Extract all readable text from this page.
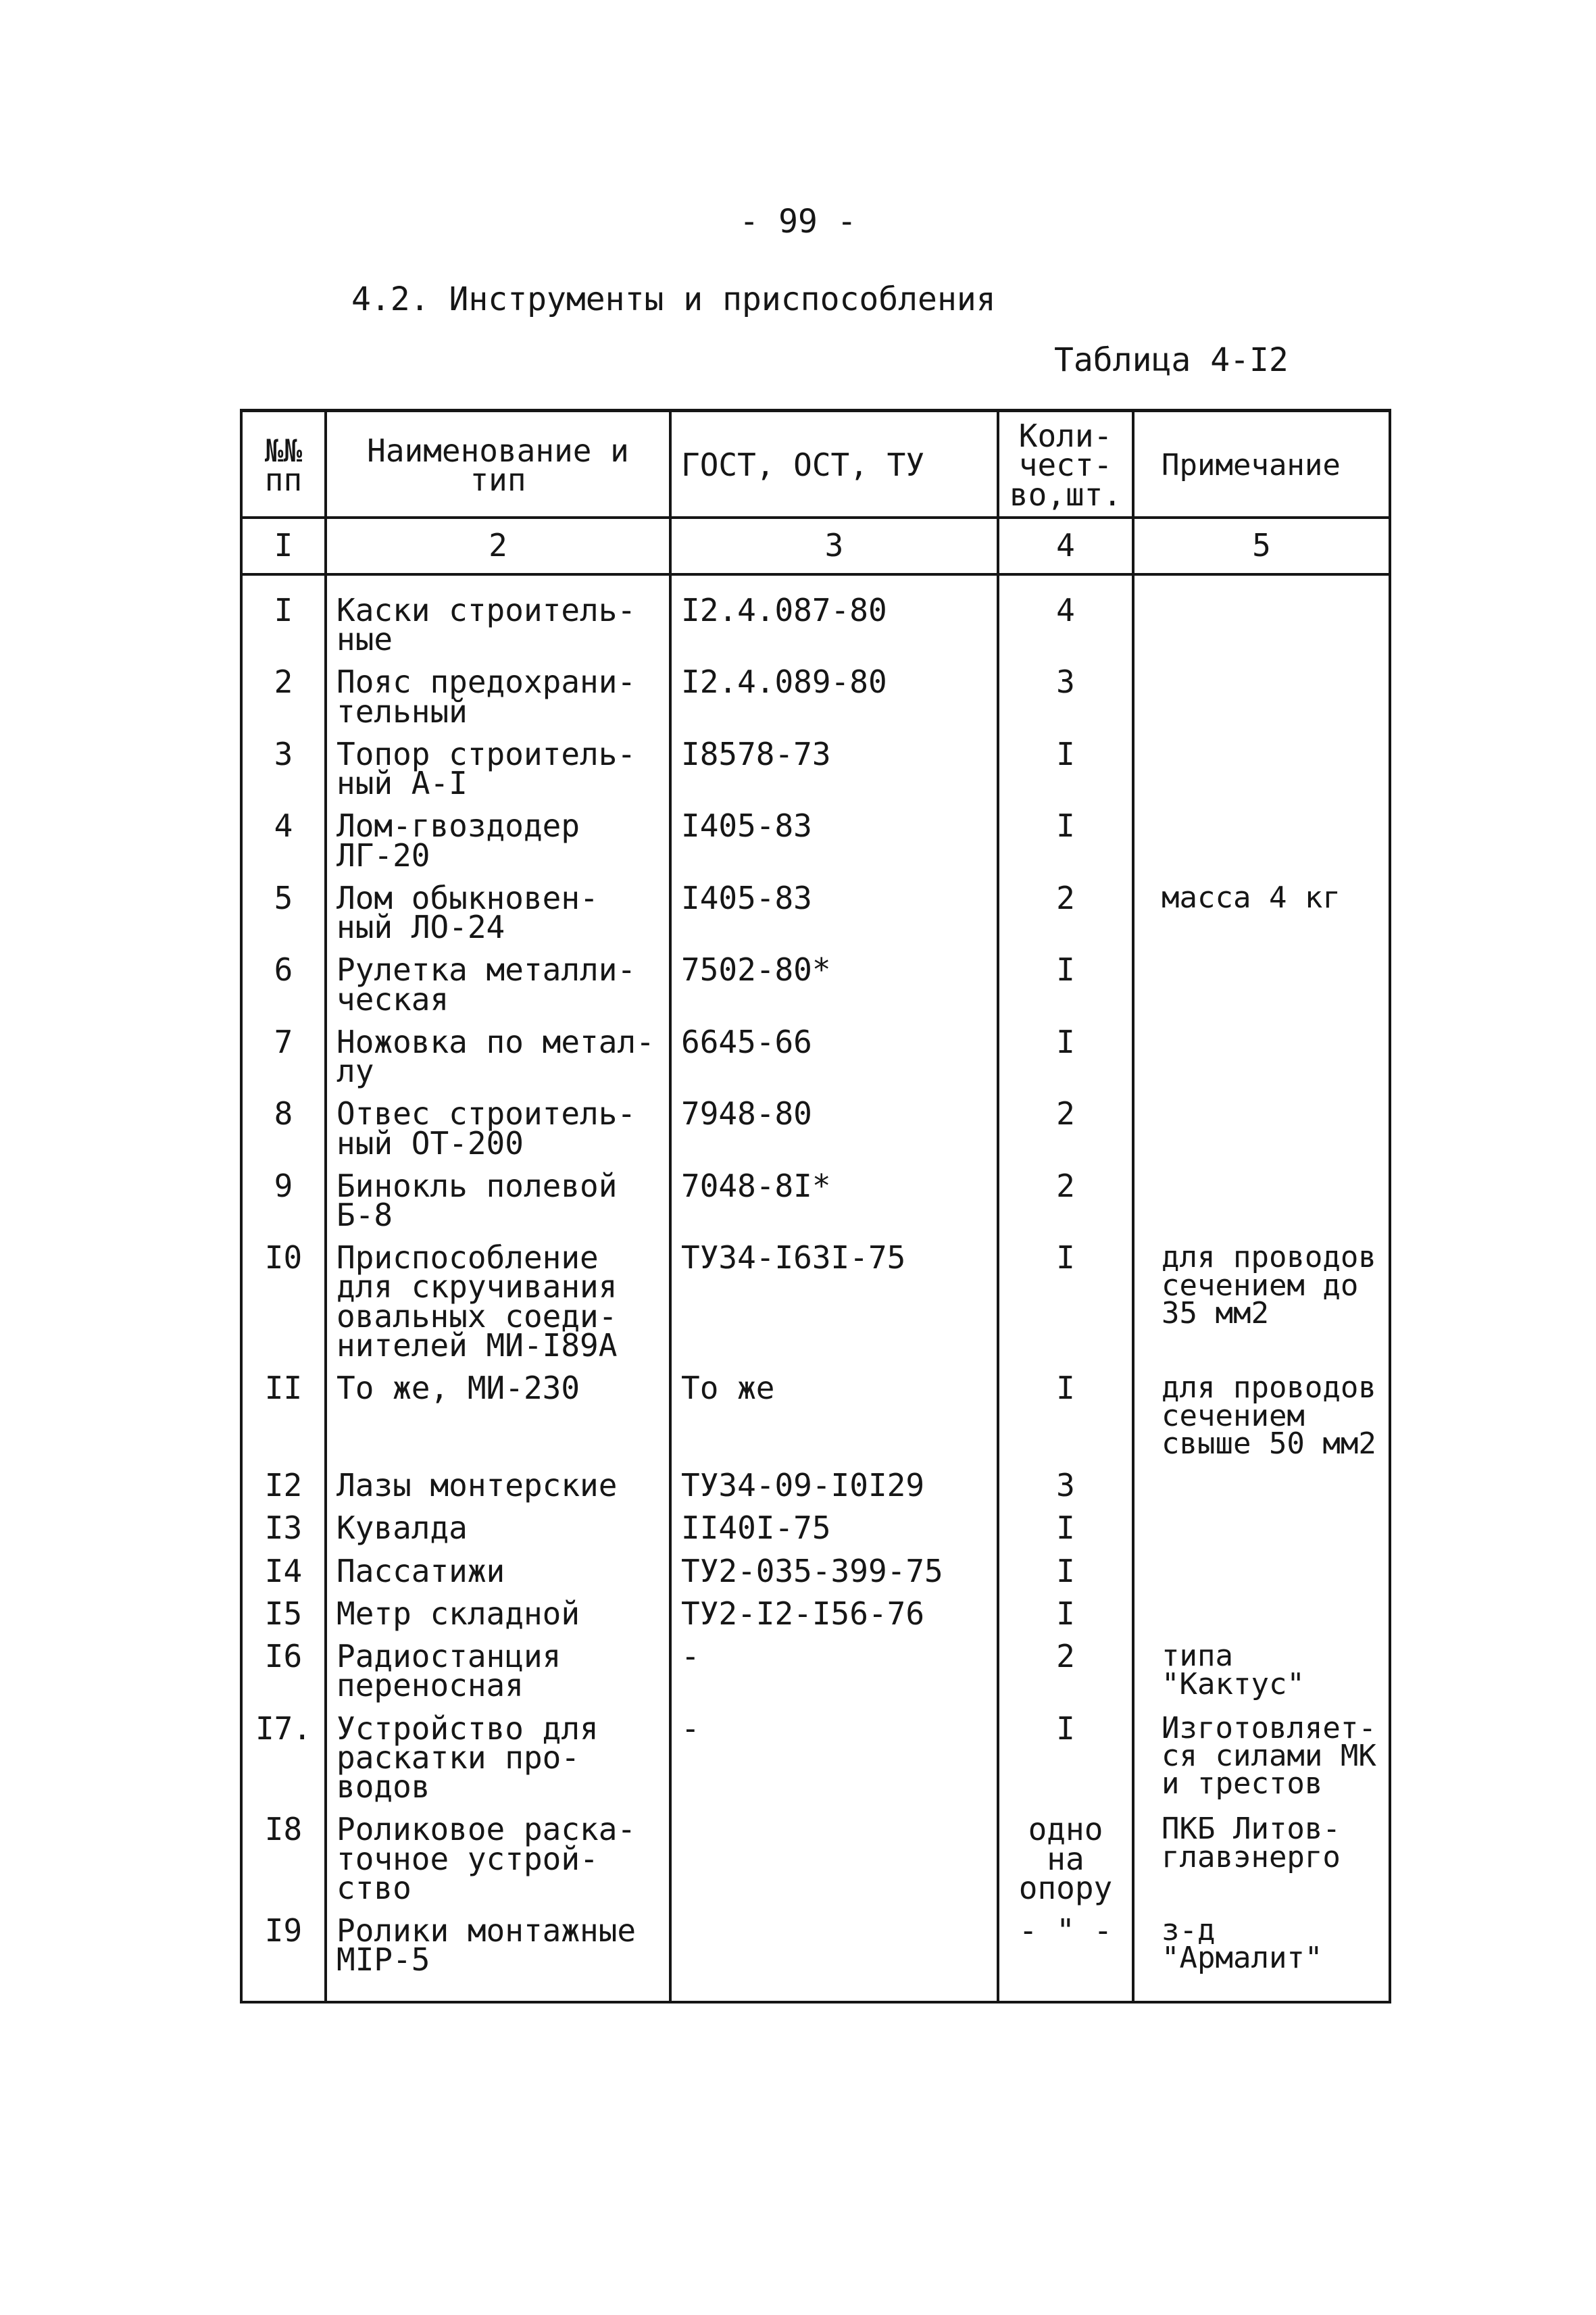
- 99 -
4.2. Инструменты и приспособления
Таблица 4-I2
№№ пп	Наименование и тип	ГОСТ, ОСТ, ТУ	Коли- чест- во,шт.	Примечание
I	2	3	4	5
I	Каски строитель- ные	I2.4.087-80	4	
2	Пояс предохрани- тельный	I2.4.089-80	3	
3	Топор строитель- ный А-I	I8578-73	I	
4	Лом-гвоздодер ЛГ-20	I405-83	I	
5	Лом обыкновен- ный ЛО-24	I405-83	2	масса 4 кг
6	Рулетка металли- ческая	7502-80*	I	
7	Ножовка по метал- лу	6645-66	I	
8	Отвес строитель- ный ОТ-200	7948-80	2	
9	Бинокль полевой Б-8	7048-8I*	2	
I0	Приспособление для скручивания овальных соеди- нителей МИ-I89А	ТУ34-I63I-75	I	для проводов сечением до 35 мм2
II	То же, МИ-230	То же	I	для проводов сечением свыше 50 мм2
I2	Лазы монтерские	ТУ34-09-I0I29	3	
I3	Кувалда	II40I-75	I	
I4	Пассатижи	ТУ2-035-399-75	I	
I5	Метр складной	ТУ2-I2-I56-76	I	
I6	Радиостанция переносная	-	2	типа "Кактус"
I7.	Устройство для раскатки про- водов	-	I	Изготовляет- ся силами МК и трестов
I8	Роликовое раска- точное устрой- ство		одно на опору	ПКБ Литов- главэнерго
I9	Ролики монтажные МIР-5		- " -	з-д "Армалит"
